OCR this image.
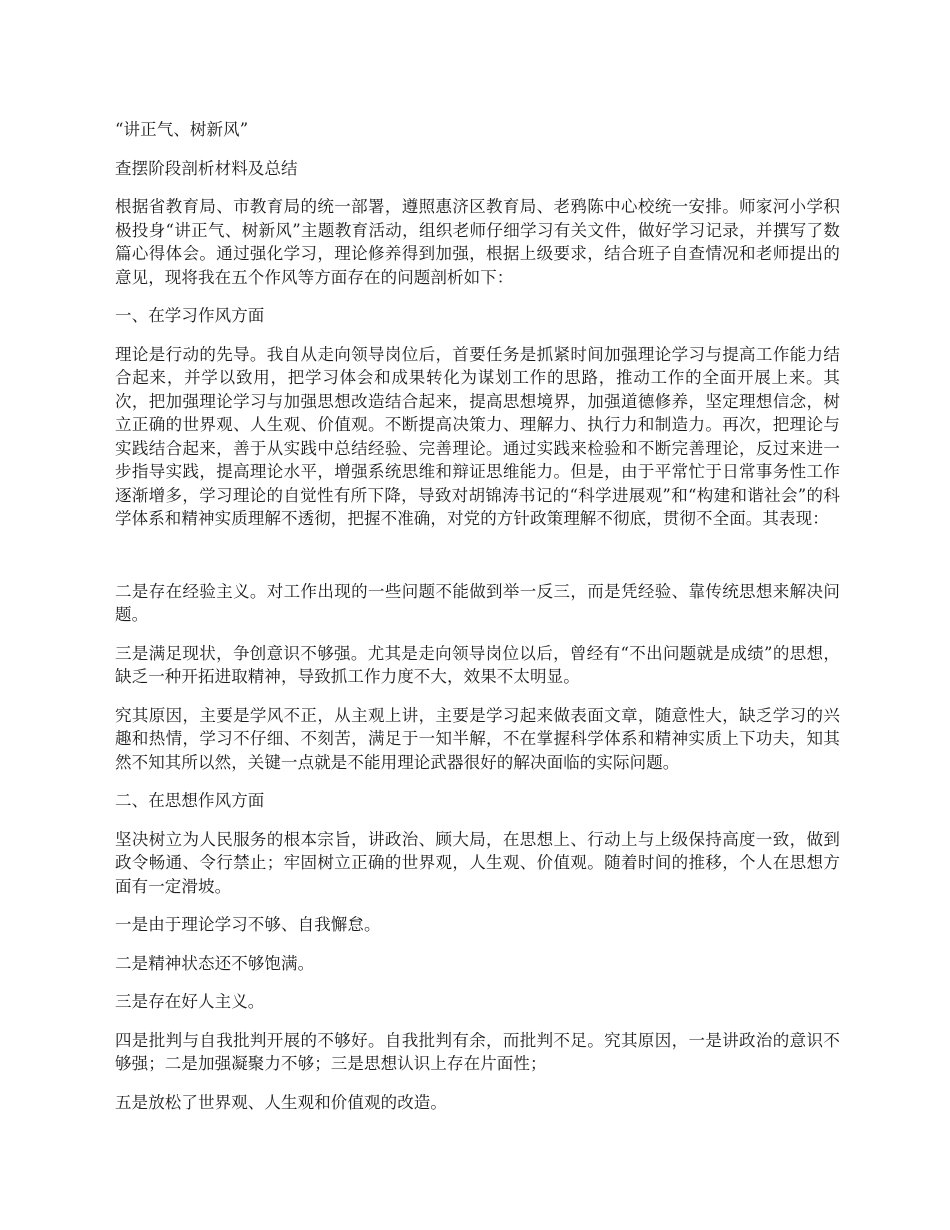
“讲正气、树新风”

查摆阶段剖析材料及总结

根据省教育局、市教育局的统一部署，遵照惠济区教育局、老鸦陈中心校统一安排。师家河小学积极投身“讲正气、树新风”主题教育活动，组织老师仔细学习有关文件，做好学习记录，并撰写了数篇心得体会。通过强化学习，理论修养得到加强，根据上级要求，结合班子自查情况和老师提出的意见，现将我在五个作风等方面存在的问题剖析如下：

一、在学习作风方面

理论是行动的先导。我自从走向领导岗位后，首要任务是抓紧时间加强理论学习与提高工作能力结合起来，并学以致用，把学习体会和成果转化为谋划工作的思路，推动工作的全面开展上来。其次，把加强理论学习与加强思想改造结合起来，提高思想境界，加强道德修养，坚定理想信念，树立正确的世界观、人生观、价值观。不断提高决策力、理解力、执行力和制造力。再次，把理论与实践结合起来，善于从实践中总结经验、完善理论。通过实践来检验和不断完善理论，反过来进一步指导实践，提高理论水平，增强系统思维和辩证思维能力。但是，由于平常忙于日常事务性工作逐渐增多，学习理论的自觉性有所下降，导致对胡锦涛书记的“科学进展观”和“构建和谐社会”的科学体系和精神实质理解不透彻，把握不准确，对党的方针政策理解不彻底，贯彻不全面。其表现：

二是存在经验主义。对工作出现的一些问题不能做到举一反三，而是凭经验、靠传统思想来解决问题。

三是满足现状，争创意识不够强。尤其是走向领导岗位以后，曾经有“不出问题就是成绩”的思想，缺乏一种开拓进取精神，导致抓工作力度不大，效果不太明显。

究其原因，主要是学风不正，从主观上讲，主要是学习起来做表面文章，随意性大，缺乏学习的兴趣和热情，学习不仔细、不刻苦，满足于一知半解，不在掌握科学体系和精神实质上下功夫，知其然不知其所以然，关键一点就是不能用理论武器很好的解决面临的实际问题。

二、在思想作风方面

坚决树立为人民服务的根本宗旨，讲政治、顾大局，在思想上、行动上与上级保持高度一致，做到政令畅通、令行禁止；牢固树立正确的世界观，人生观、价值观。随着时间的推移，个人在思想方面有一定滑坡。

一是由于理论学习不够、自我懈怠。

二是精神状态还不够饱满。

三是存在好人主义。

四是批判与自我批判开展的不够好。自我批判有余，而批判不足。究其原因，一是讲政治的意识不够强；二是加强凝聚力不够；三是思想认识上存在片面性；

五是放松了世界观、人生观和价值观的改造。
